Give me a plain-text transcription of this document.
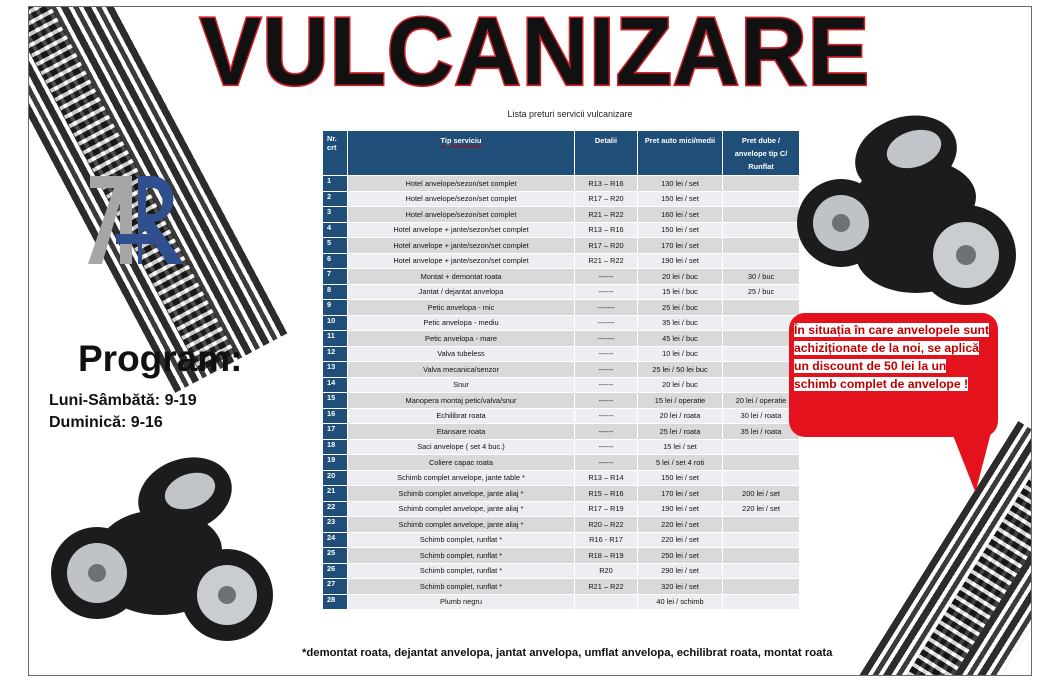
VULCANIZARE
Lista preturi servicii vulcanizare
Nr. crt	Tip serviciu	Detalii	Pret auto mici/medii	Pret dube / anvelope tip C/ Runflat
1	Hotel anvelope/sezon/set complet	R13 – R16	130 lei / set	
2	Hotel anvelope/sezon/set complet	R17 – R20	150 lei / set	
3	Hotel anvelope/sezon/set complet	R21 – R22	160 lei / set	
4	Hotel anvelope + jante/sezon/set complet	R13 – R16	150 lei / set	
5	Hotel anvelope + jante/sezon/set complet	R17 – R20	170 lei / set	
6	Hotel anvelope + jante/sezon/set complet	R21 – R22	190 lei / set	
7	Montat + demontat roata	------	20 lei / buc	30 / buc
8	Jantat / dejantat anvelopa	------	15 lei / buc	25 / buc
9	Petic anvelopa - mic	-------	25 lei / buc	
10	Petic anvelopa - mediu	-------	35 lei / buc	
11	Petic anvelopa - mare	-------	45 lei / buc	
12	Valva tubeless	------	10 lei / buc	
13	Valva mecanica/senzor	------	25 lei / 50 lei buc	
14	Snur	------	20 lei / buc	
15	Manopera montaj petic/valva/snur	------	15 lei / operatie	20 lei / operatie
16	Echilibrat roata	------	20 lei / roata	30 lei / roata
17	Etansare roata	------	25 lei / roata	35 lei / roata
18	Saci anvelope ( set 4 buc.)	------	15 lei / set	
19	Coliere capac roata	------	5 lei / set 4 roti	
20	Schimb complet anvelope, jante table *	R13 – R14	150 lei / set	
21	Schimb complet anvelope, jante aliaj *	R15 – R16	170 lei / set	200 lei / set
22	Schimb complet anvelope, jante aliaj *	R17 – R19	190 lei / set	220 lei / set
23	Schimb complet anvelope, jante aliaj *	R20 – R22	220 lei / set	
24	Schimb complet, runflat *	R16 - R17	220 lei / set	
25	Schimb complet, runflat *	R18 – R19	250 lei / set	
26	Schimb complet, runflat *	R20	290 lei / set	
27	Schimb complet, runflat *	R21 – R22	320 lei / set	
28	Plumb negru		40 lei / schimb	
Program:
Luni-Sâmbătă: 9-19
Duminică: 9-16
În situația în care anvelopele sunt achiziționate de la noi, se aplică un discount de 50 lei la un schimb complet de anvelope !
*demontat roata, dejantat anvelopa, jantat anvelopa, umflat anvelopa, echilibrat roata, montat roata
